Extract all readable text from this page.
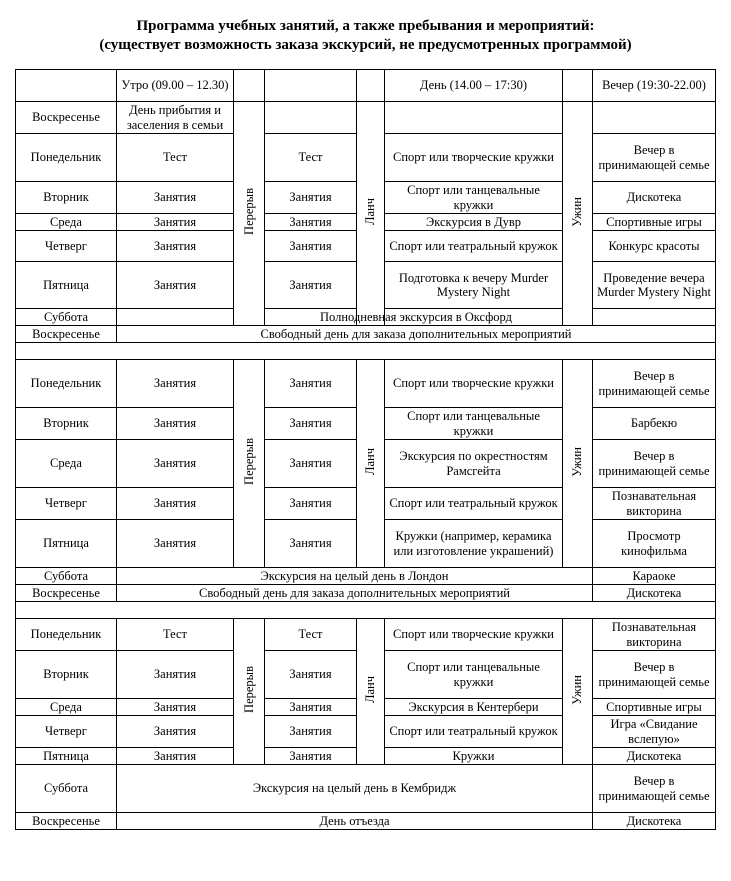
Программа учебных занятий, а также пребывания и мероприятий:
(существует возможность заказа экскурсий, не предусмотренных программой)
	Утро (09.00 – 12.30)				День (14.00 – 17:30)		Вечер (19:30-22.00)
Воскресенье	День прибытия и заселения в семьи	Перерыв		Ланч		Ужин	
Понедельник	Тест		Тест		Спорт или творческие кружки		Вечер в принимающей семье
Вторник	Занятия		Занятия		Спорт или танцевальные кружки		Дискотека
Среда	Занятия		Занятия		Экскурсия в Дувр		Спортивные игры
Четверг	Занятия		Занятия		Спорт или театральный кружок		Конкурс красоты
Пятница	Занятия		Занятия		Подготовка к вечеру Murder Mystery Night		Проведение вечера Murder Mystery Night
Суббота	Полнодневная экскурсия в Оксфорд						
Воскресенье	Свободный день для заказа дополнительных мероприятий						

Понедельник	Занятия	Перерыв	Занятия	Ланч	Спорт или творческие кружки	Ужин	Вечер в принимающей семье
Вторник	Занятия		Занятия		Спорт или танцевальные кружки		Барбекю
Среда	Занятия		Занятия		Экскурсия по окрестностям Рамсгейта		Вечер в принимающей семье
Четверг	Занятия		Занятия		Спорт или театральный кружок		Познавательная викторина
Пятница	Занятия		Занятия		Кружки (например, керамика или изготовление украшений)		Просмотр кинофильма
Суббота	Экскурсия на целый день в Лондон						Караоке
Воскресенье	Свободный день для заказа дополнительных мероприятий						Дискотека

Понедельник	Тест	Перерыв	Тест	Ланч	Спорт или творческие кружки	Ужин	Познавательная викторина
Вторник	Занятия		Занятия		Спорт или танцевальные кружки		Вечер в принимающей семье
Среда	Занятия		Занятия		Экскурсия в Кентербери		Спортивные игры
Четверг	Занятия		Занятия		Спорт или театральный кружок		Игра «Свидание вслепую»
Пятница	Занятия		Занятия		Кружки		Дискотека
Суббота	Экскурсия на целый день в Кембридж						Вечер в принимающей семье
Воскресенье	День отъезда						Дискотека
